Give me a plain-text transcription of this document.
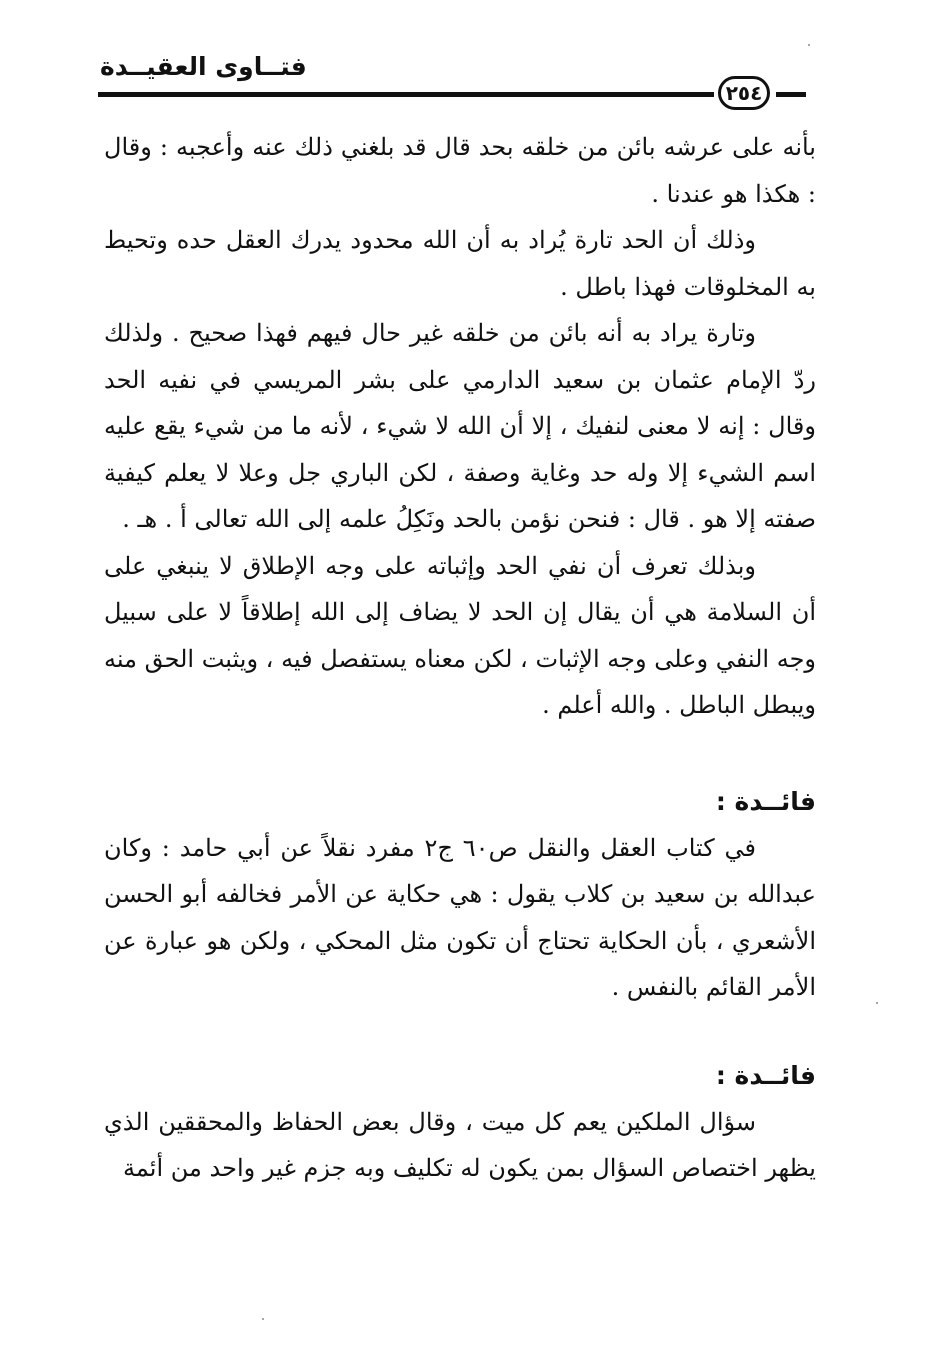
فتــاوى العقيــدة
٢٥٤

بأنه على عرشه بائن من خلقه بحد قال قد بلغني ذلك عنه وأعجبه : وقال : هكذا هو عندنا .

وذلك أن الحد تارة يُراد به أن الله محدود يدرك العقل حده وتحيط به المخلوقات فهذا باطل .

وتارة يراد به أنه بائن من خلقه غير حال فيهم فهذا صحيح . ولذلك ردّ الإمام عثمان بن سعيد الدارمي على بشر المريسي في نفيه الحد وقال : إنه لا معنى لنفيك ، إلا أن الله لا شيء ، لأنه ما من شيء يقع عليه اسم الشيء إلا وله حد وغاية وصفة ، لكن الباري جل وعلا لا يعلم كيفية صفته إلا هو . قال : فنحن نؤمن بالحد ونَكِلُ علمه إلى الله تعالى أ . هـ .

وبذلك تعرف أن نفي الحد وإثباته على وجه الإطلاق لا ينبغي على أن السلامة هي أن يقال إن الحد لا يضاف إلى الله إطلاقاً لا على سبيل وجه النفي وعلى وجه الإثبات ، لكن معناه يستفصل فيه ، ويثبت الحق منه ويبطل الباطل . والله أعلم .

فائــدة :

في كتاب العقل والنقل ص٦٠ ج٢ مفرد نقلاً عن أبي حامد : وكان عبدالله بن سعيد بن كلاب يقول : هي حكاية عن الأمر فخالفه أبو الحسن الأشعري ، بأن الحكاية تحتاج أن تكون مثل المحكي ، ولكن هو عبارة عن الأمر القائم بالنفس .

فائــدة :

سؤال الملكين يعم كل ميت ، وقال بعض الحفاظ والمحققين الذي يظهر اختصاص السؤال بمن يكون له تكليف وبه جزم غير واحد من أئمة
